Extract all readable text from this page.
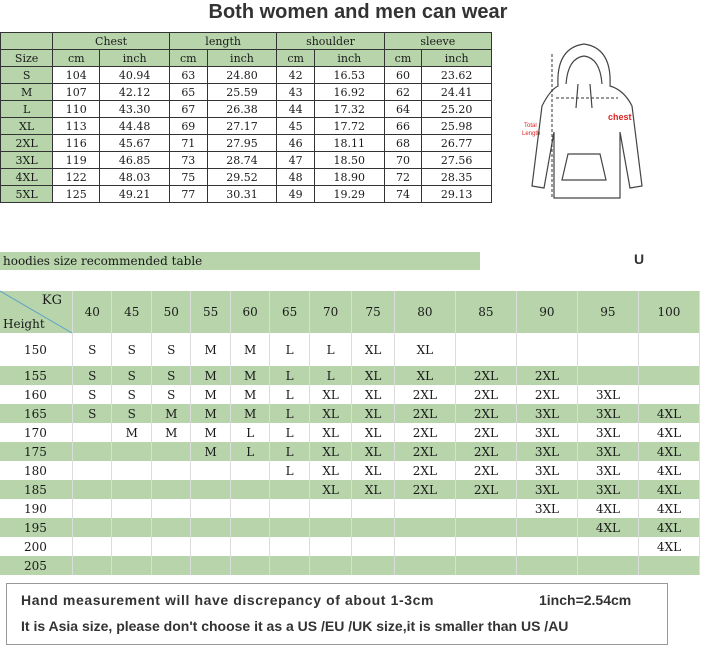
Both women and men can wear
	Chest		length		shoulder		sleeve	
Size	cm	inch	cm	inch	cm	inch	cm	inch
S	104	40.94	63	24.80	42	16.53	60	23.62
M	107	42.12	65	25.59	43	16.92	62	24.41
L	110	43.30	67	26.38	44	17.32	64	25.20
XL	113	44.48	69	27.17	45	17.72	66	25.98
2XL	116	45.67	71	27.95	46	18.11	68	26.77
3XL	119	46.85	73	28.74	47	18.50	70	27.56
4XL	122	48.03	75	29.52	48	18.90	72	28.35
5XL	125	49.21	77	30.31	49	19.29	74	29.13
chest
Total
Length
hoodies size recommended table	U
KG
Height	40	45	50	55	60	65	70	75	80	85	90	95	100
150	S	S	S	M	M	L	L	XL	XL				
155	S	S	S	M	M	L	L	XL	XL	2XL	2XL		
160	S	S	S	M	M	L	XL	XL	2XL	2XL	2XL	3XL	
165	S	S	M	M	M	L	XL	XL	2XL	2XL	3XL	3XL	4XL
170		M	M	M	L	L	XL	XL	2XL	2XL	3XL	3XL	4XL
175				M	L	L	XL	XL	2XL	2XL	3XL	3XL	4XL
180						L	XL	XL	2XL	2XL	3XL	3XL	4XL
185							XL	XL	2XL	2XL	3XL	3XL	4XL
190											3XL	4XL	4XL
195												4XL	4XL
200													4XL
205													
Hand measurement will have discrepancy of about 1-3cm	1inch=2.54cm
It is Asia size, please don't choose it as a US /EU /UK size,it is smaller than US /AU
